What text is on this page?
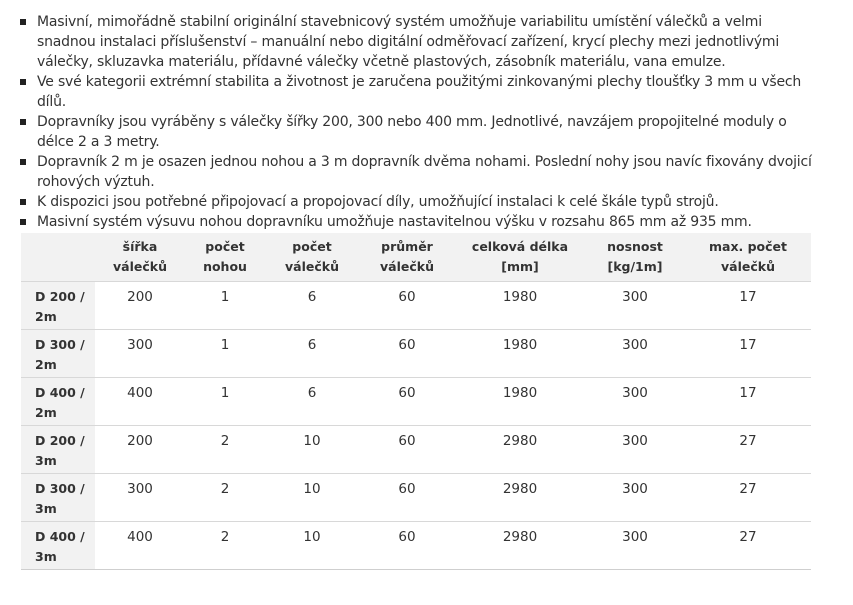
Masivní, mimořádně stabilní originální stavebnicový systém umožňuje variabilitu umístění válečků a velmi snadnou instalaci příslušenství – manuální nebo digitální odměřovací zařízení, krycí plechy mezi jednotlivými válečky, skluzavka materiálu, přídavné válečky včetně plastových, zásobník materiálu, vana emulze.
Ve své kategorii extrémní stabilita a životnost je zaručena použitými zinkovanými plechy tloušťky 3 mm u všech dílů.
Dopravníky jsou vyráběny s válečky šířky 200, 300 nebo 400 mm. Jednotlivé, navzájem propojitelné moduly o délce 2 a 3 metry.
Dopravník 2 m je osazen jednou nohou a 3 m dopravník dvěma nohami. Poslední nohy jsou navíc fixovány dvojicí rohových výztuh.
K dispozici jsou potřebné připojovací a propojovací díly, umožňující instalaci k celé škále typů strojů.
Masivní systém výsuvu nohou dopravníku umožňuje nastavitelnou výšku v rozsahu 865 mm až 935 mm.
	šířka válečků	počet nohou	počet válečků	průměr válečků	celková délka [mm]	nosnost [kg/1m]	max. počet válečků
D 200 / 2m	200	1	6	60	1980	300	17
D 300 / 2m	300	1	6	60	1980	300	17
D 400 / 2m	400	1	6	60	1980	300	17
D 200 / 3m	200	2	10	60	2980	300	27
D 300 / 3m	300	2	10	60	2980	300	27
D 400 / 3m	400	2	10	60	2980	300	27
